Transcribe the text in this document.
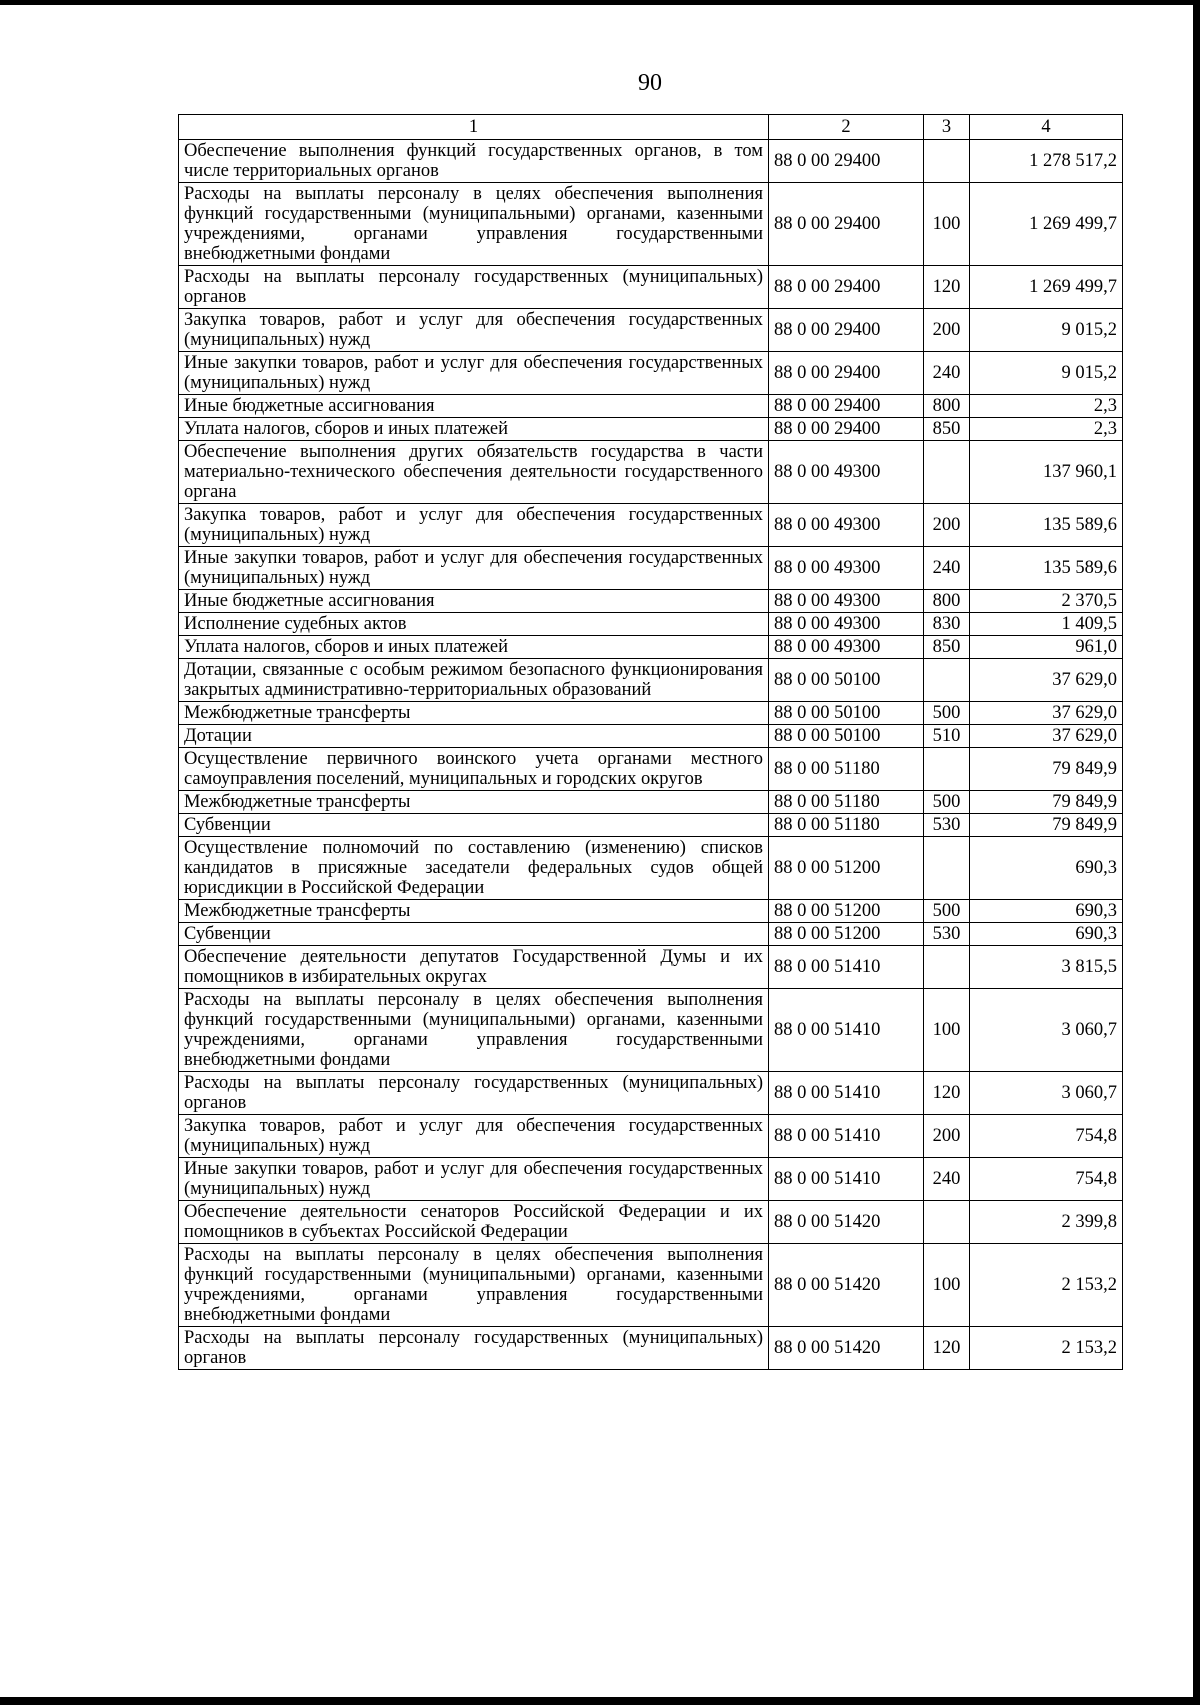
90
1	2	3	4
Обеспечение выполнения функций государственных органов, в том числе территориальных органов	88 0 00 29400		1 278 517,2
Расходы на выплаты персоналу в целях обеспечения выполнения функций государственными (муниципальными) органами, казенными учреждениями, органами управления государственными внебюджетными фондами	88 0 00 29400	100	1 269 499,7
Расходы на выплаты персоналу государственных (муниципальных) органов	88 0 00 29400	120	1 269 499,7
Закупка товаров, работ и услуг для обеспечения государственных (муниципальных) нужд	88 0 00 29400	200	9 015,2
Иные закупки товаров, работ и услуг для обеспечения государственных (муниципальных) нужд	88 0 00 29400	240	9 015,2
Иные бюджетные ассигнования	88 0 00 29400	800	2,3
Уплата налогов, сборов и иных платежей	88 0 00 29400	850	2,3
Обеспечение выполнения других обязательств государства в части материально-технического обеспечения деятельности государственного органа	88 0 00 49300		137 960,1
Закупка товаров, работ и услуг для обеспечения государственных (муниципальных) нужд	88 0 00 49300	200	135 589,6
Иные закупки товаров, работ и услуг для обеспечения государственных (муниципальных) нужд	88 0 00 49300	240	135 589,6
Иные бюджетные ассигнования	88 0 00 49300	800	2 370,5
Исполнение судебных актов	88 0 00 49300	830	1 409,5
Уплата налогов, сборов и иных платежей	88 0 00 49300	850	961,0
Дотации, связанные с особым режимом безопасного функционирования закрытых административно-территориальных образований	88 0 00 50100		37 629,0
Межбюджетные трансферты	88 0 00 50100	500	37 629,0
Дотации	88 0 00 50100	510	37 629,0
Осуществление первичного воинского учета органами местного самоуправления поселений, муниципальных и городских округов	88 0 00 51180		79 849,9
Межбюджетные трансферты	88 0 00 51180	500	79 849,9
Субвенции	88 0 00 51180	530	79 849,9
Осуществление полномочий по составлению (изменению) списков кандидатов в присяжные заседатели федеральных судов общей юрисдикции в Российской Федерации	88 0 00 51200		690,3
Межбюджетные трансферты	88 0 00 51200	500	690,3
Субвенции	88 0 00 51200	530	690,3
Обеспечение деятельности депутатов Государственной Думы и их помощников в избирательных округах	88 0 00 51410		3 815,5
Расходы на выплаты персоналу в целях обеспечения выполнения функций государственными (муниципальными) органами, казенными учреждениями, органами управления государственными внебюджетными фондами	88 0 00 51410	100	3 060,7
Расходы на выплаты персоналу государственных (муниципальных) органов	88 0 00 51410	120	3 060,7
Закупка товаров, работ и услуг для обеспечения государственных (муниципальных) нужд	88 0 00 51410	200	754,8
Иные закупки товаров, работ и услуг для обеспечения государственных (муниципальных) нужд	88 0 00 51410	240	754,8
Обеспечение деятельности сенаторов Российской Федерации и их помощников в субъектах Российской Федерации	88 0 00 51420		2 399,8
Расходы на выплаты персоналу в целях обеспечения выполнения функций государственными (муниципальными) органами, казенными учреждениями, органами управления государственными внебюджетными фондами	88 0 00 51420	100	2 153,2
Расходы на выплаты персоналу государственных (муниципальных) органов	88 0 00 51420	120	2 153,2
